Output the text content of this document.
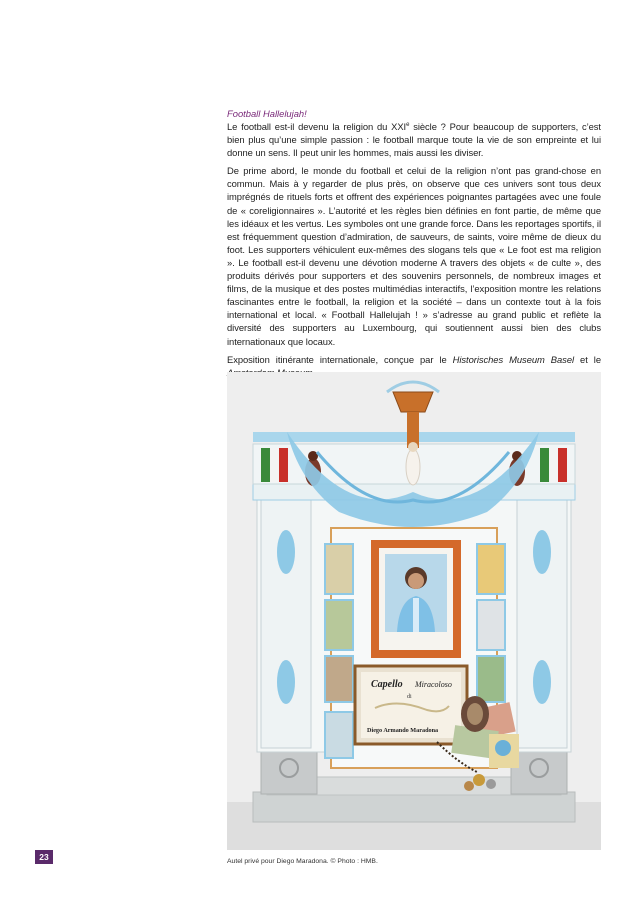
Football Hallelujah!

Le football est-il devenu la religion du XXIe siècle ? Pour beaucoup de supporters, c’est bien plus qu’une simple passion : le football marque toute la vie de son empreinte et lui donne un sens. Il peut unir les hommes, mais aussi les diviser.

De prime abord, le monde du football et celui de la religion n’ont pas grand-chose en commun. Mais à y regarder de plus près, on observe que ces univers sont tous deux imprégnés de rituels forts et offrent des expériences poignantes partagées avec une foule de « coreligionnaires ». L’autorité et les règles bien définies en font partie, de même que les idéaux et les vertus. Les symboles ont une grande force. Dans les reportages sportifs, il est fréquemment question d’admiration, de sauveurs, de saints, voire même de dieux du foot. Les supporters véhiculent eux-mêmes des slogans tels que « Le foot est ma religion ». Le football est-il devenu une dévotion moderne A travers des objets « de culte », des produits dérivés pour supporters et des souvenirs personnels, de nombreux images et films, de la musique et des postes multimédias interactifs, l’exposition montre les relations fascinantes entre le football, la religion et la société – dans un contexte tout à la fois international et local. « Football Hallelujah ! » s’adresse au grand public et reflète la diversité des supporters au Luxembourg, qui soutiennent aussi bien des clubs internationaux que locaux.

Exposition itinérante internationale, conçue par le Historisches Museum Basel et le

Capello Miracoloso
di
Diego Armando Maradona
23	Autel privé pour Diego Maradona. © Photo : HMB.
